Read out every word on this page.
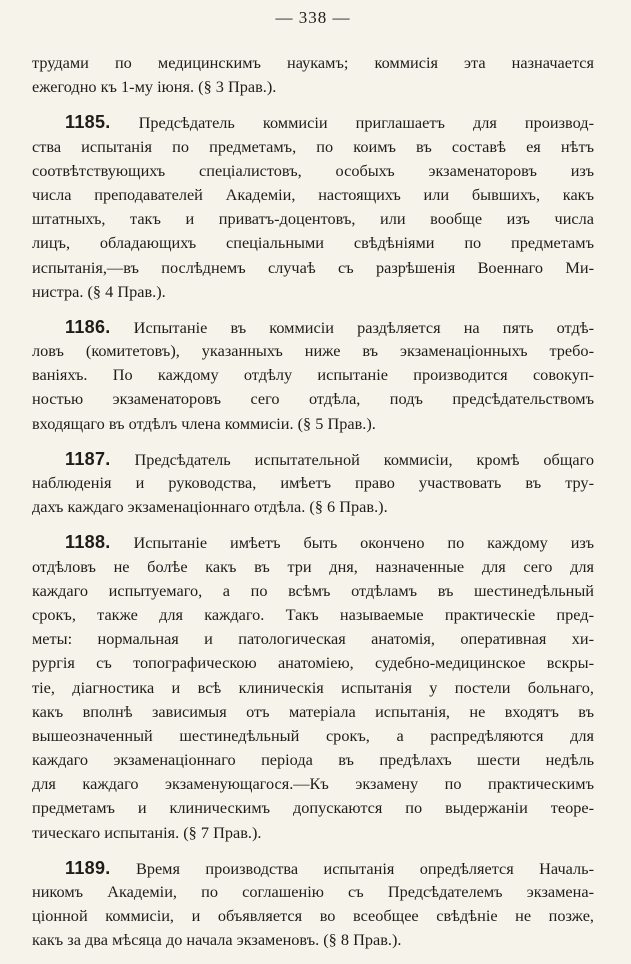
— 338 —
трудами по медицинскимъ наукамъ; коммисія эта назначается
ежегодно къ 1-му іюня. (§ 3 Прав.).
1185. Предсѣдатель коммисіи приглашаетъ для производ-
ства испытанія по предметамъ, по коимъ въ составѣ ея нѣтъ
соотвѣтствующихъ спеціалистовъ, особыхъ экзаменаторовъ изъ
числа преподавателей Академіи, настоящихъ или бывшихъ, какъ
штатныхъ, такъ и приватъ-доцентовъ, или вообще изъ числа
лицъ, обладающихъ спеціальными свѣдѣніями по предметамъ
испытанія,—въ послѣднемъ случаѣ съ разрѣшенія Военнаго Ми-
нистра. (§ 4 Прав.).
1186. Испытаніе въ коммисіи раздѣляется на пять отдѣ-
ловъ (комитетовъ), указанныхъ ниже въ экзаменаціонныхъ требо-
ваніяхъ. По каждому отдѣлу испытаніе производится совокуп-
ностью экзаменаторовъ сего отдѣла, подъ предсѣдательствомъ
входящаго въ отдѣлъ члена коммисіи. (§ 5 Прав.).
1187. Предсѣдатель испытательной коммисіи, кромѣ общаго
наблюденія и руководства, имѣетъ право участвовать въ тру-
дахъ каждаго экзаменаціоннаго отдѣла. (§ 6 Прав.).
1188. Испытаніе имѣетъ быть окончено по каждому изъ
отдѣловъ не болѣе какъ въ три дня, назначенные для сего для
каждаго испытуемаго, а по всѣмъ отдѣламъ въ шестинедѣльный
срокъ, также для каждаго. Такъ называемые практическіе пред-
меты: нормальная и патологическая анатомія, оперативная хи-
рургія съ топографическою анатоміею, судебно-медицинское вскры-
тіе, діагностика и всѣ клиническія испытанія у постели больнаго,
какъ вполнѣ зависимыя отъ матеріала испытанія, не входятъ въ
вышеозначенный шестинедѣльный срокъ, а распредѣляются для
каждаго экзаменаціоннаго періода въ предѣлахъ шести недѣль
для каждаго экзаменующагося.—Къ экзамену по практическимъ
предметамъ и клиническимъ допускаются по выдержаніи теоре-
тическаго испытанія. (§ 7 Прав.).
1189. Время производства испытанія опредѣляется Началь-
никомъ Академіи, по соглашенію съ Предсѣдателемъ экзамена-
ціонной коммисіи, и объявляется во всеобщее свѣдѣніе не позже,
какъ за два мѣсяца до начала экзаменовъ. (§ 8 Прав.).
